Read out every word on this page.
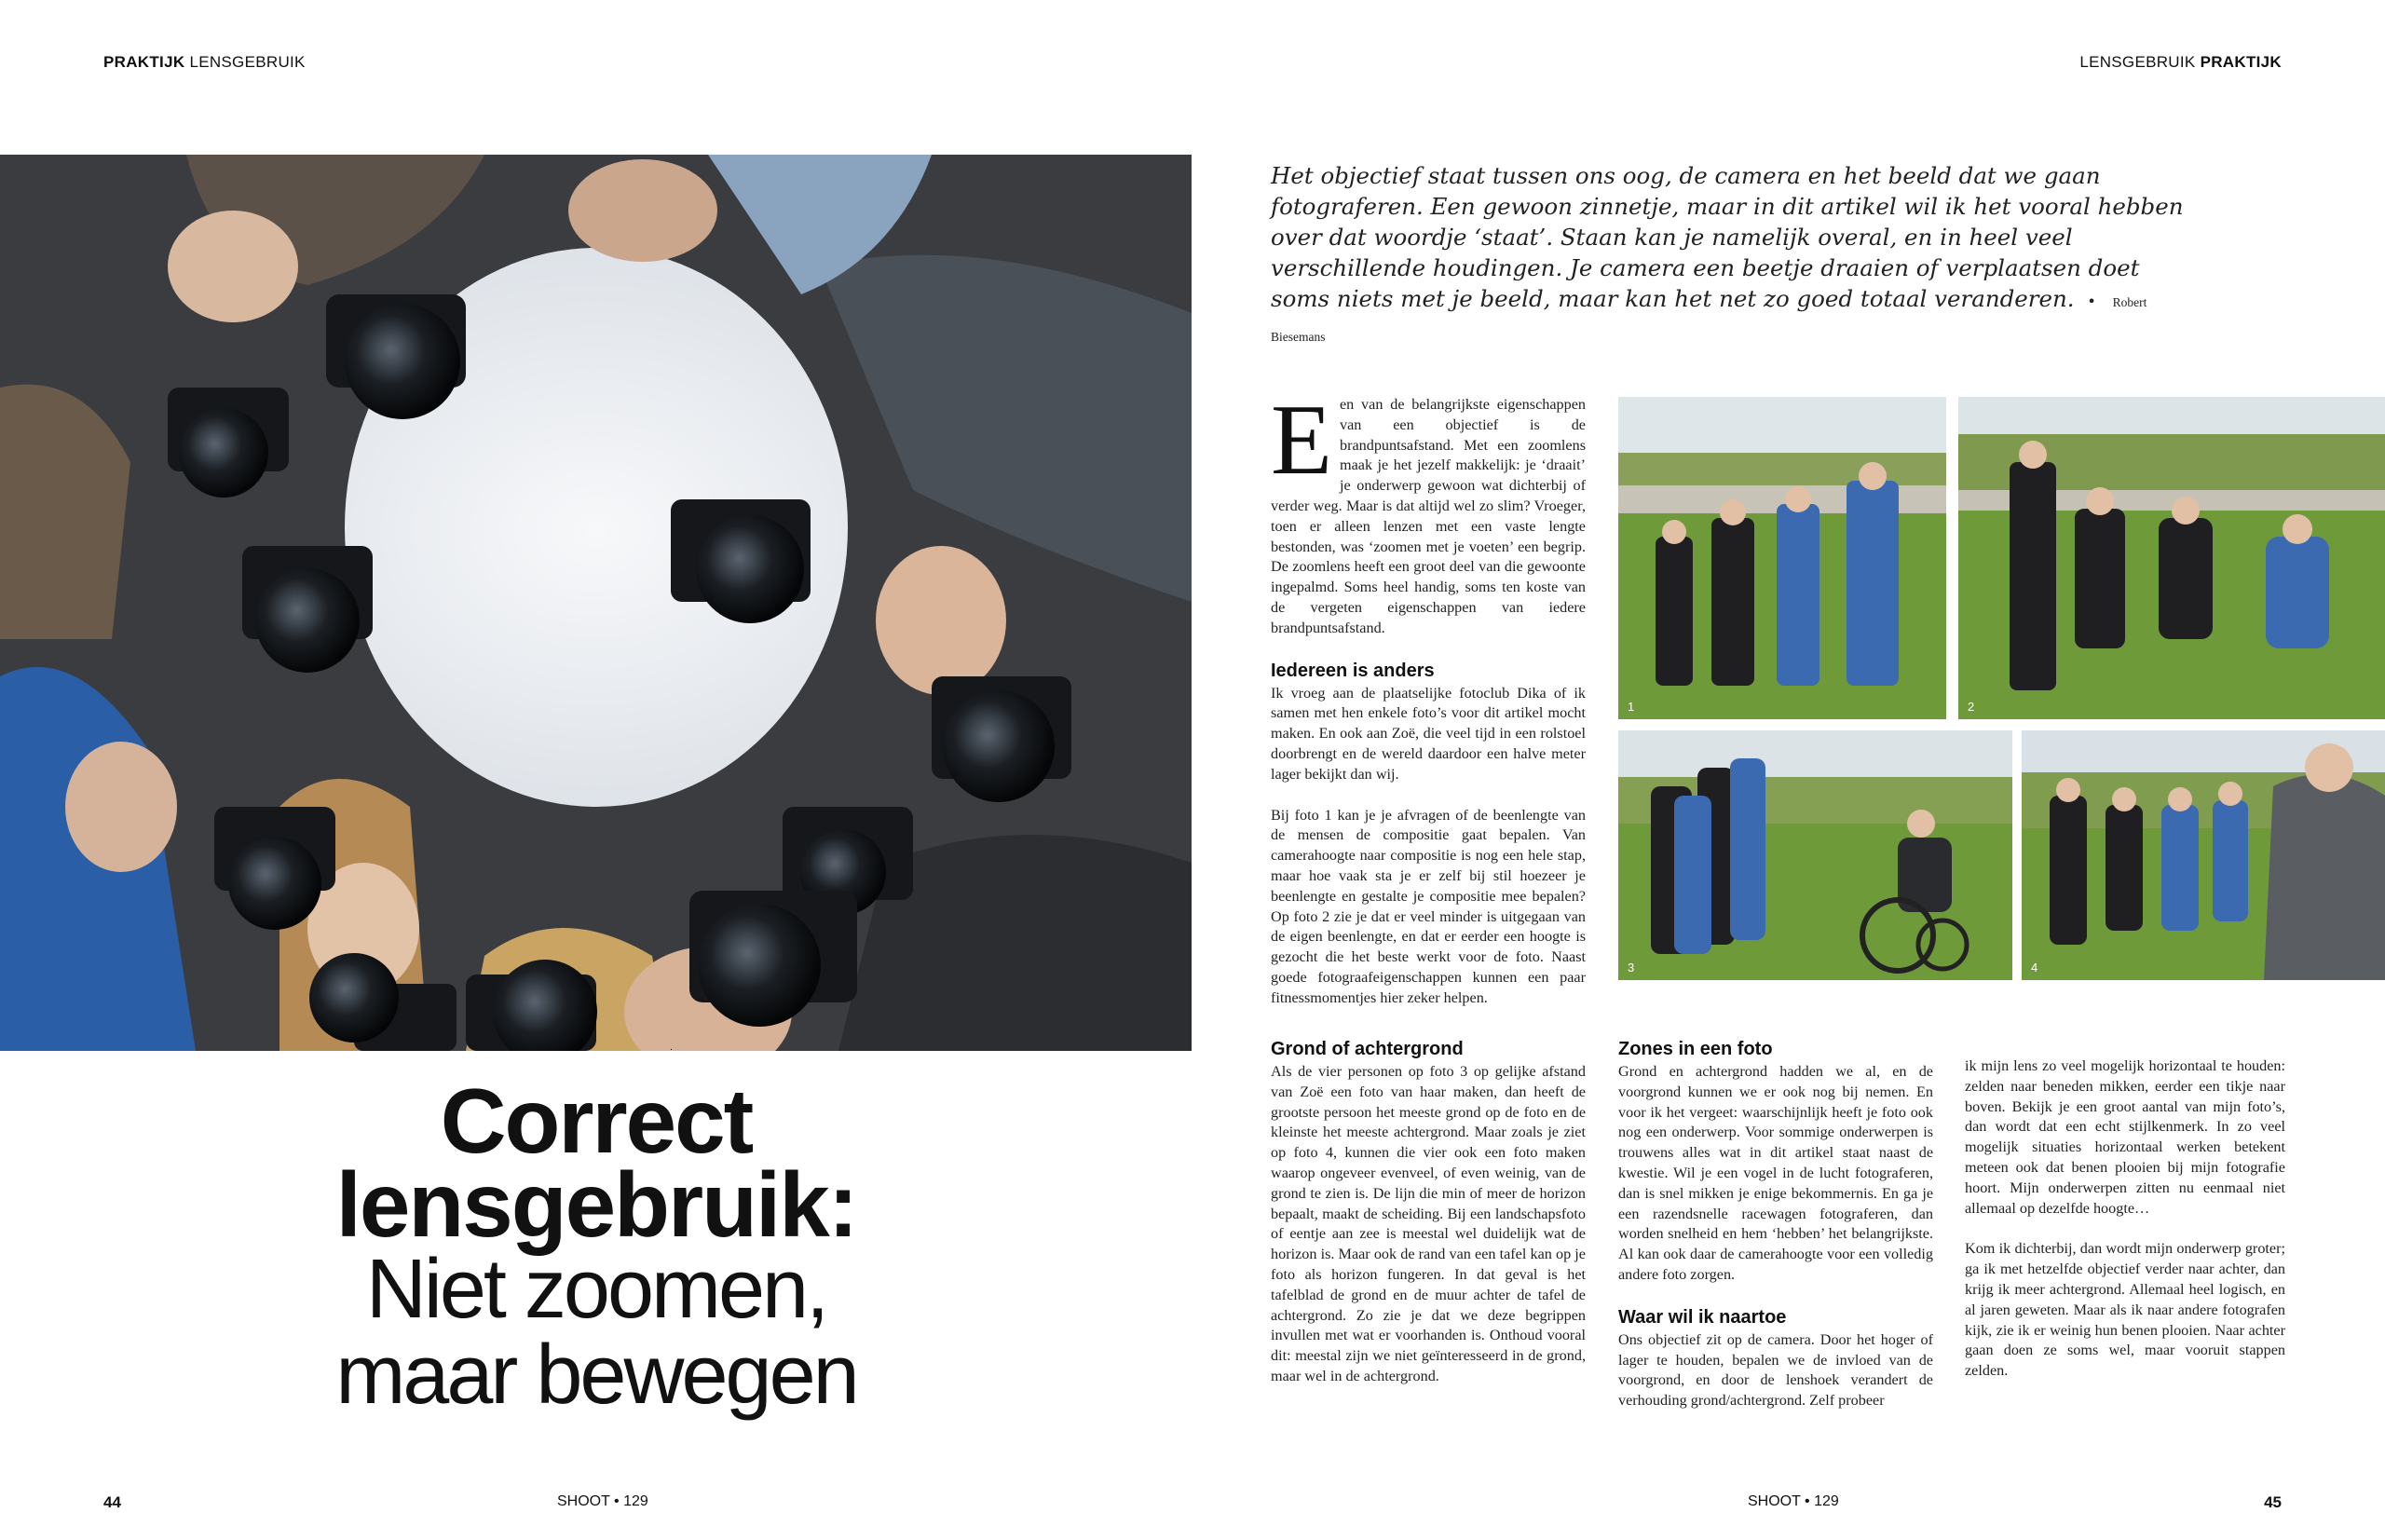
PRAKTIJK LENSGEBRUIK	LENSGEBRUIK PRAKTIJK
Correct
lensgebruik:
Niet zoomen,
maar bewegen
Het objectief staat tussen ons oog, de camera en het beeld dat we gaan fotograferen. Een gewoon zinnetje, maar in dit artikel wil ik het vooral hebben over dat woordje ‘staat’. Staan kan je namelijk overal, en in heel veel verschillende houdingen. Je camera een beetje draaien of verplaatsen doet soms niets met je beeld, maar kan het net zo goed totaal veranderen. • Robert Biesemans

E en van de belangrijkste eigenschappen van een objectief is de brandpuntsafstand. Met een zoomlens maak je het jezelf makkelijk: je ‘draait’ je onderwerp gewoon wat dichterbij of verder weg. Maar is dat altijd wel zo slim? Vroeger, toen er alleen lenzen met een vaste lengte bestonden, was ‘zoomen met je voeten’ een begrip. De zoomlens heeft een groot deel van die gewoonte ingepalmd. Soms heel handig, soms ten koste van de vergeten eigenschappen van iedere brandpuntsafstand.

Iedereen is anders

Ik vroeg aan de plaatselijke fotoclub Dika of ik samen met hen enkele foto’s voor dit artikel mocht maken. En ook aan Zoë, die veel tijd in een rolstoel doorbrengt en de wereld daardoor een halve meter lager bekijkt dan wij.

Bij foto 1 kan je je afvragen of de beenlengte van de mensen de compositie gaat bepalen. Van camerahoogte naar compositie is nog een hele stap, maar hoe vaak sta je er zelf bij stil hoezeer je beenlengte en gestalte je compositie mee bepalen? Op foto 2 zie je dat er veel minder is uitgegaan van de eigen beenlengte, en dat er eerder een hoogte is gezocht die het beste werkt voor de foto. Naast goede fotograafeigenschappen kunnen een paar fitnessmomentjes hier zeker helpen.

Grond of achtergrond

Als de vier personen op foto 3 op gelijke afstand van Zoë een foto van haar maken, dan heeft de grootste persoon het meeste grond op de foto en de kleinste het meeste achtergrond. Maar zoals je ziet op foto 4, kunnen die vier ook een foto maken waarop ongeveer evenveel, of even weinig, van de grond te zien is. De lijn die min of meer de horizon bepaalt, maakt de scheiding. Bij een landschapsfoto of eentje aan zee is meestal wel duidelijk wat de horizon is. Maar ook de rand van een tafel kan op je foto als horizon fungeren. In dat geval is het tafelblad de grond en de muur achter de tafel de achtergrond. Zo zie je dat we deze begrippen invullen met wat er voorhanden is. Onthoud vooral dit: meestal zijn we niet geïnteresseerd in de grond, maar wel in de achtergrond.

Zones in een foto

Grond en achtergrond hadden we al, en de voorgrond kunnen we er ook nog bij nemen. En voor ik het vergeet: waarschijnlijk heeft je foto ook nog een onderwerp. Voor sommige onderwerpen is trouwens alles wat in dit artikel staat naast de kwestie. Wil je een vogel in de lucht fotograferen, dan is snel mikken je enige bekommernis. En ga je een razendsnelle racewagen fotograferen, dan worden snelheid en hem ‘hebben’ het belangrijkste. Al kan ook daar de camerahoogte voor een volledig andere foto zorgen.

Waar wil ik naartoe

Ons objectief zit op de camera. Door het hoger of lager te houden, bepalen we de invloed van de voorgrond, en door de lenshoek verandert de verhouding grond/achtergrond. Zelf probeer

ik mijn lens zo veel mogelijk horizontaal te houden: zelden naar beneden mikken, eerder een tikje naar boven. Bekijk je een groot aantal van mijn foto’s, dan wordt dat een echt stijlkenmerk. In zo veel mogelijk situaties horizontaal werken betekent meteen ook dat benen plooien bij mijn fotografie hoort. Mijn onderwerpen zitten nu eenmaal niet allemaal op dezelfde hoogte…

Kom ik dichterbij, dan wordt mijn onderwerp groter; ga ik met hetzelfde objectief verder naar achter, dan krijg ik meer achtergrond. Allemaal heel logisch, en al jaren geweten. Maar als ik naar andere fotografen kijk, zie ik er weinig hun benen plooien. Naar achter gaan doen ze soms wel, maar vooruit stappen zelden.

1	2
3	4
44	SHOOT • 129	SHOOT • 129	45
